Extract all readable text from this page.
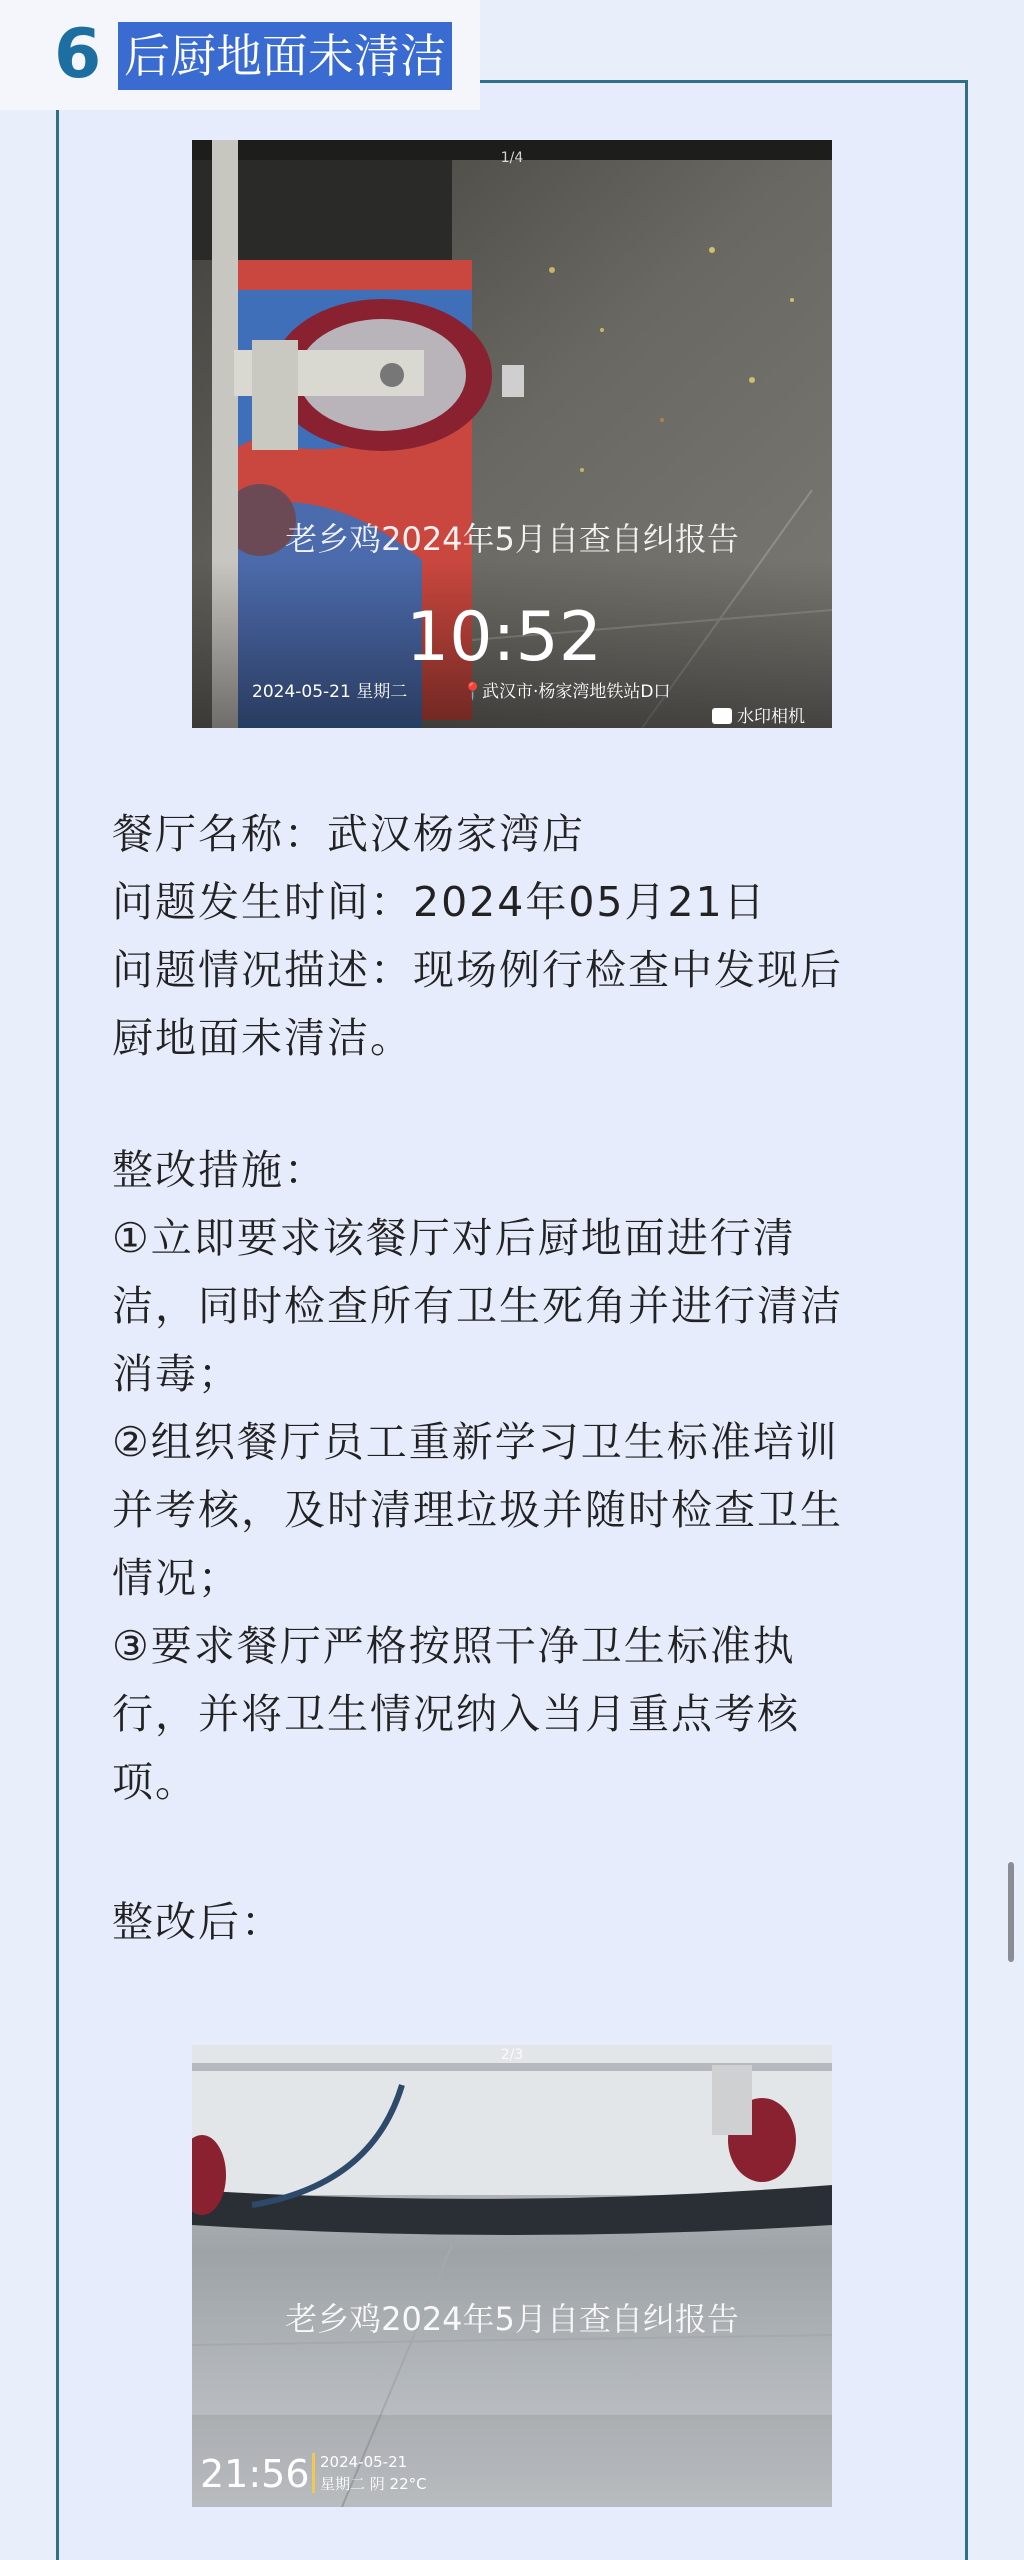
6 后厨地面未清洁
1/4
老乡鸡2024年5月自查自纠报告
10:52
2024-05-21 星期二	📍
武汉市·杨家湾地铁站D口
水印相机
餐厅名称：武汉杨家湾店
问题发生时间：2024年05月21日
问题情况描述：现场例行检查中发现后
厨地面未清洁。
整改措施：
①立即要求该餐厅对后厨地面进行清
洁，同时检查所有卫生死角并进行清洁
消毒；
②组织餐厅员工重新学习卫生标准培训
并考核，及时清理垃圾并随时检查卫生
情况；
③要求餐厅严格按照干净卫生标准执
行，并将卫生情况纳入当月重点考核
项。
整改后：
2/3
老乡鸡2024年5月自查自纠报告
21:56 2024-05-21
星期二 阴 22°C
